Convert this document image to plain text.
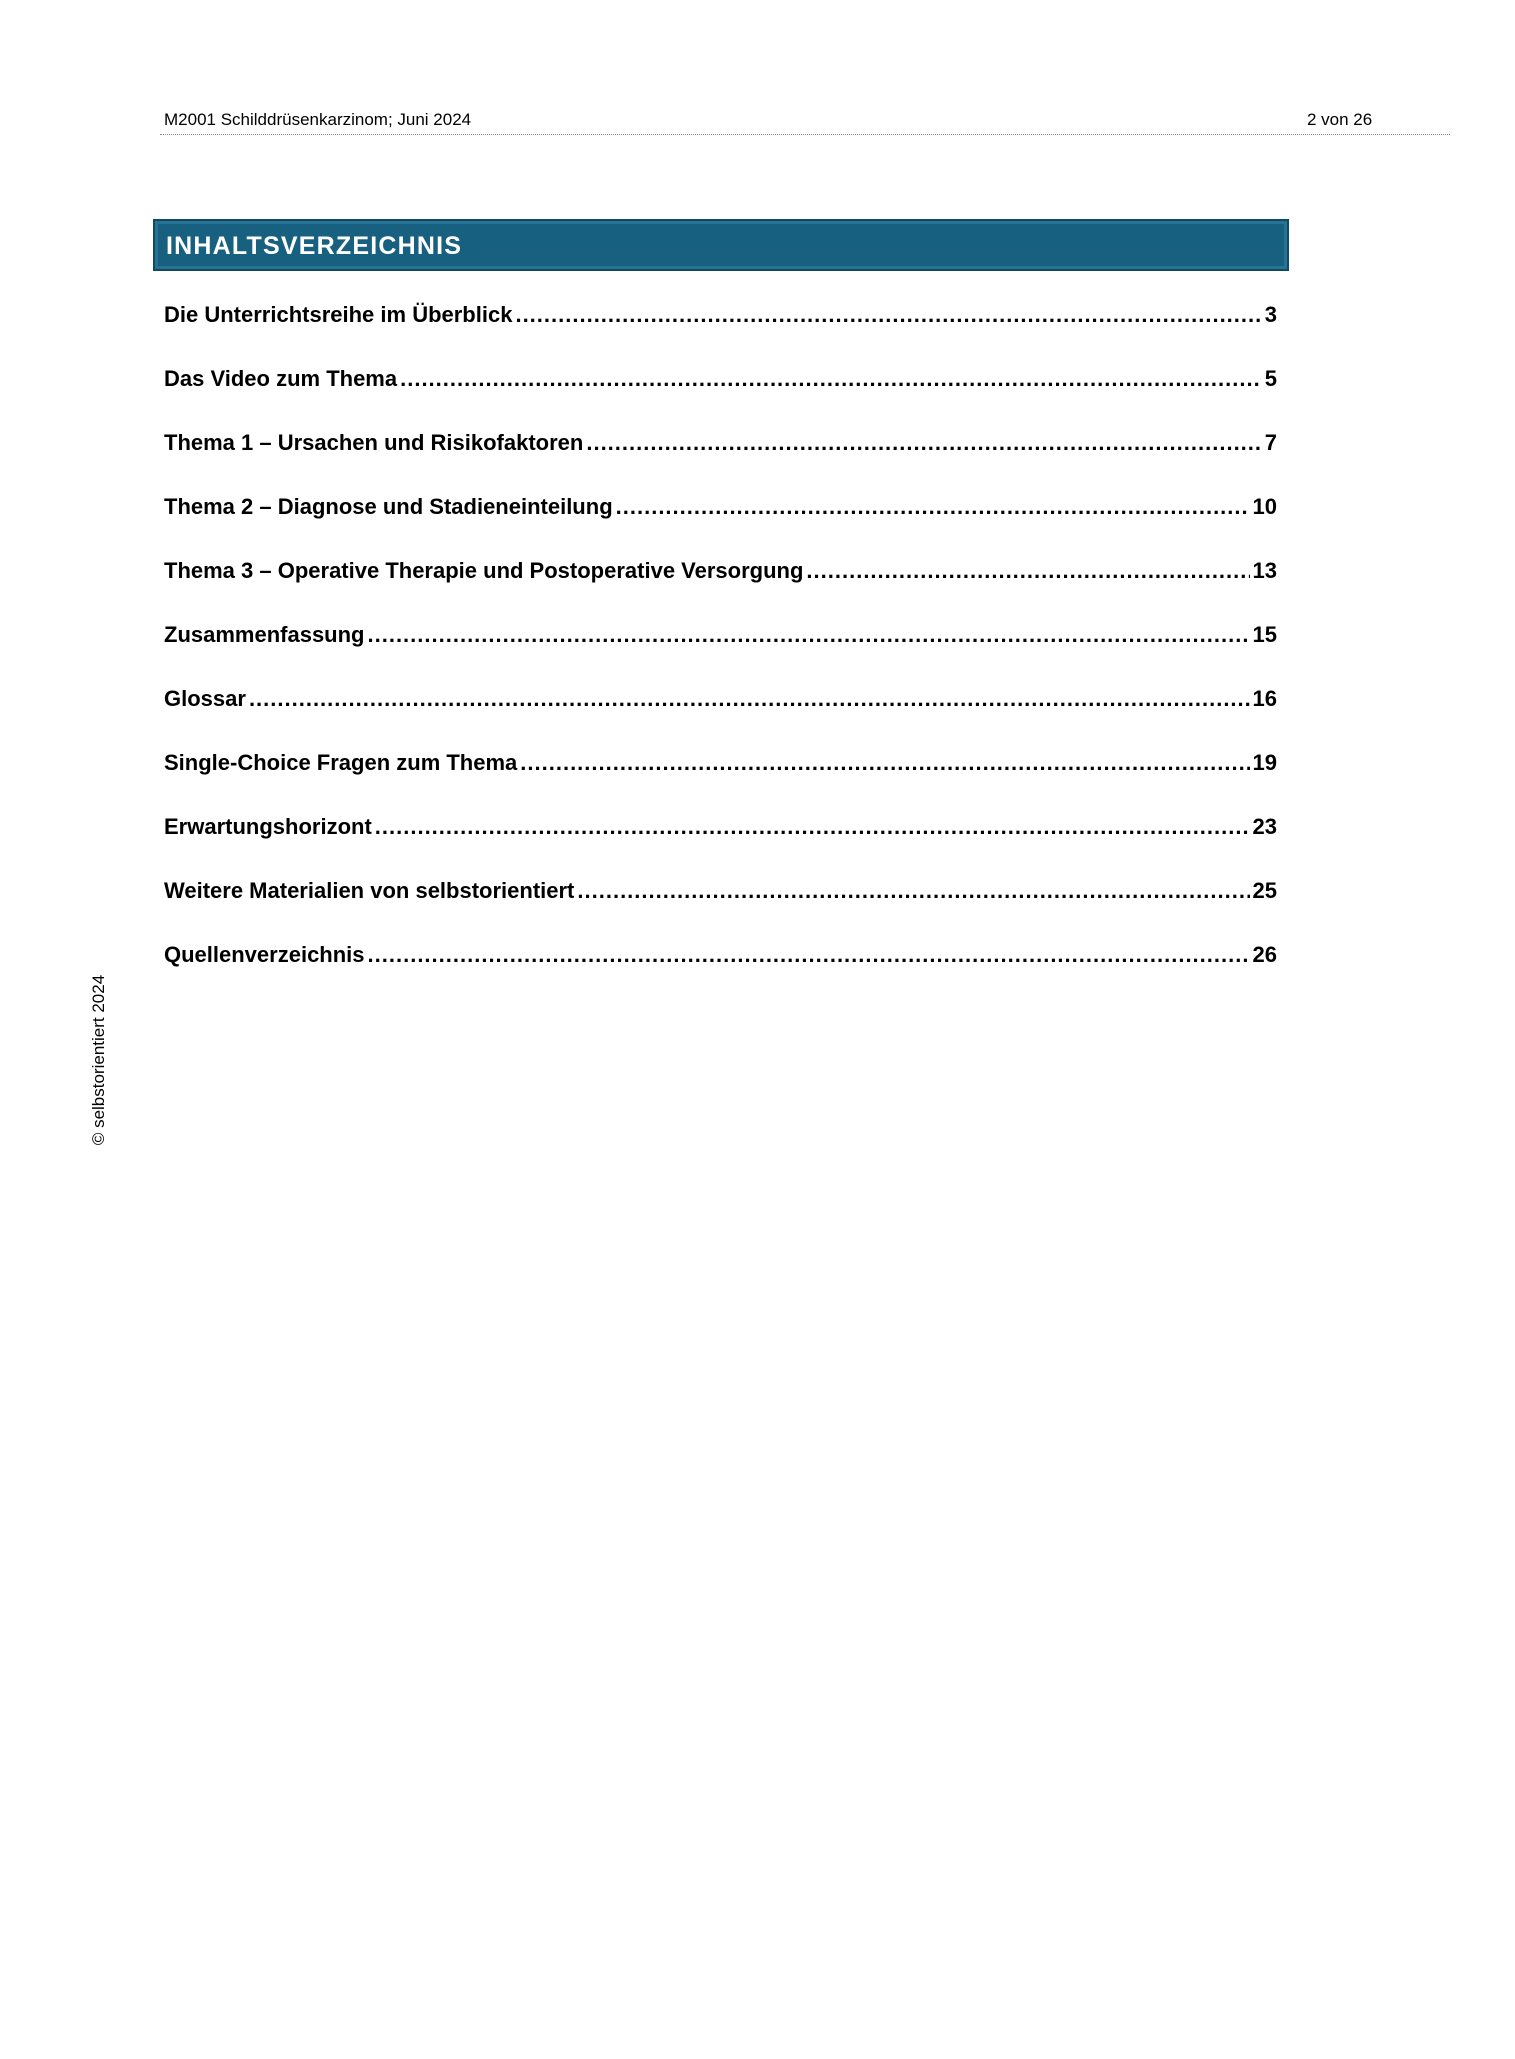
M2001 Schilddrüsenkarzinom; Juni 2024	2 von 26
INHALTSVERZEICHNIS
Die Unterrichtsreihe im Überblick .....	3
Das Video zum Thema .....	5
Thema 1 – Ursachen und Risikofaktoren .....	7
Thema 2 – Diagnose und Stadieneinteilung .....	10
Thema 3 – Operative Therapie und Postoperative Versorgung .....	13
Zusammenfassung .....	15
Glossar .....	16
Single-Choice Fragen zum Thema .....	19
Erwartungshorizont .....	23
Weitere Materialien von selbstorientiert .....	25
Quellenverzeichnis .....	26
© selbstorientiert 2024
